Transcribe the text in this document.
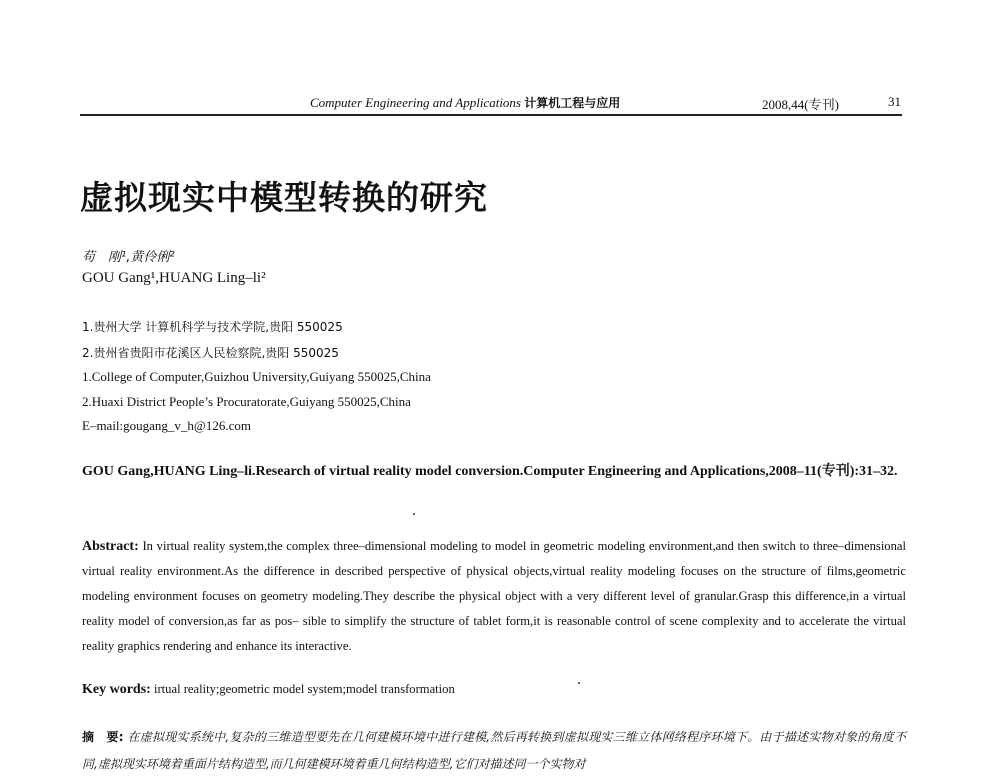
Computer Engineering and Applications 计算机工程与应用	2008,44(专刊)	31
虚拟现实中模型转换的研究
苟　刚¹,黄伶俐²
GOU Gang¹,HUANG Ling–li²
1.贵州大学 计算机科学与技术学院,贵阳 550025
2.贵州省贵阳市花溪区人民检察院,贵阳 550025
1.College of Computer,Guizhou University,Guiyang 550025,China
2.Huaxi District People’s Procuratorate,Guiyang 550025,China
E–mail:gougang_v_h@126.com
GOU Gang,HUANG Ling–li.Research of virtual reality model conversion.Computer Engineering and Applications,2008–11(专刊):31–32.
Abstract: In virtual reality system,the complex three–dimensional modeling to model in geometric modeling environment,and then switch to three–dimensional virtual reality environment.As the difference in described perspective of physical objects,virtual reality modeling focuses on the structure of films,geometric modeling environment focuses on geometry modeling.They describe the physical object with a very different level of granular.Grasp this difference,in a virtual reality model of conversion,as far as pos– sible to simplify the structure of tablet form,it is reasonable control of scene complexity and to accelerate the virtual reality graphics rendering and enhance its interactive.
Key words: irtual reality;geometric model system;model transformation
摘　要: 在虚拟现实系统中,复杂的三维造型要先在几何建模环境中进行建模,然后再转换到虚拟现实三维立体网络程序环境下。由于描述实物对象的角度不同,虚拟现实环境着重面片结构造型,而几何建模环境着重几何结构造型,它们对描述同一个实物对
